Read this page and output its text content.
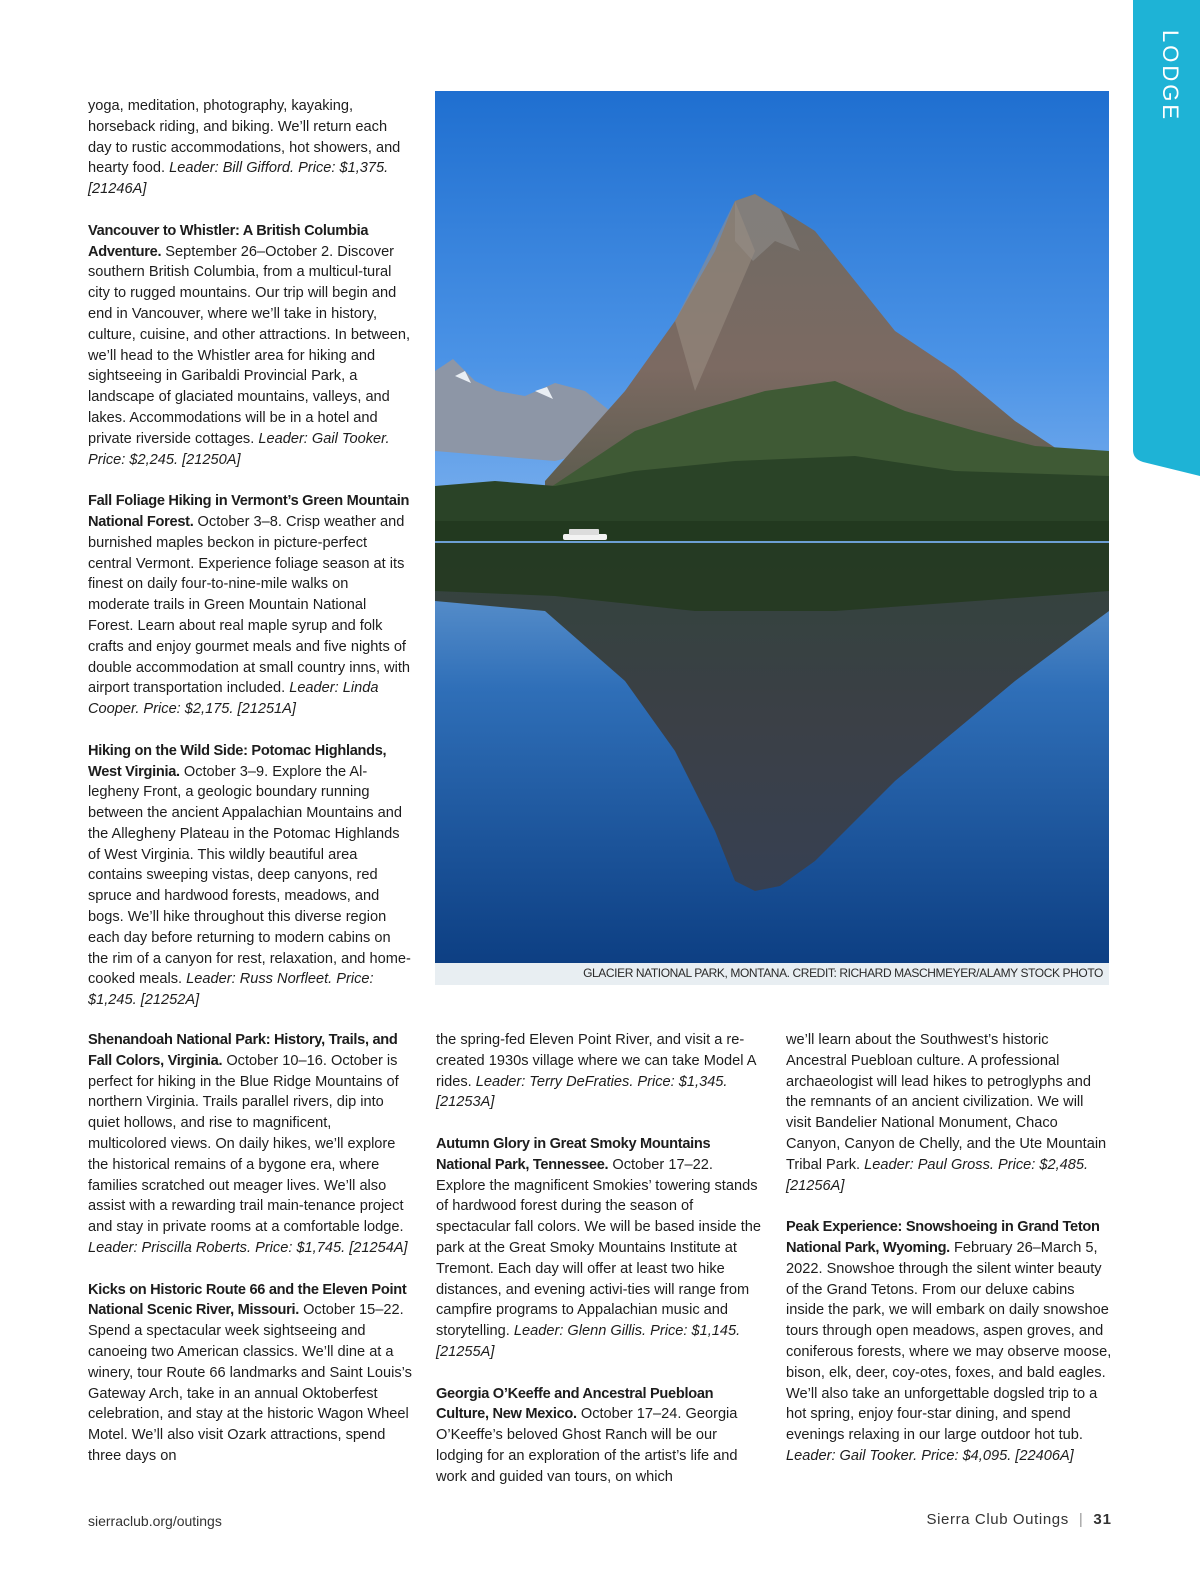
LODGE

yoga, meditation, photography, kayaking, horseback riding, and biking. We’ll return each day to rustic accommodations, hot showers, and hearty food. Leader: Bill Gifford. Price: $1,375. [21246A]

Vancouver to Whistler: A British Columbia Adventure. September 26–October 2. Discover southern British Columbia, from a multicul-tural city to rugged mountains. Our trip will begin and end in Vancouver, where we’ll take in history, culture, cuisine, and other attractions. In between, we’ll head to the Whistler area for hiking and sightseeing in Garibaldi Provincial Park, a landscape of glaciated mountains, valleys, and lakes. Accommodations will be in a hotel and private riverside cottages. Leader: Gail Tooker. Price: $2,245. [21250A]

Fall Foliage Hiking in Vermont’s Green Mountain National Forest. October 3–8. Crisp weather and burnished maples beckon in picture-perfect central Vermont. Experience foliage season at its finest on daily four-to-nine-mile walks on moderate trails in Green Mountain National Forest. Learn about real maple syrup and folk crafts and enjoy gourmet meals and five nights of double accommodation at small country inns, with airport transportation included. Leader: Linda Cooper. Price: $2,175. [21251A]

Hiking on the Wild Side: Potomac Highlands, West Virginia. October 3–9. Explore the Al-legheny Front, a geologic boundary running between the ancient Appalachian Mountains and the Allegheny Plateau in the Potomac Highlands of West Virginia. This wildly beautiful area contains sweeping vistas, deep canyons, red spruce and hardwood forests, meadows, and bogs. We’ll hike throughout this diverse region each day before returning to modern cabins on the rim of a canyon for rest, relaxation, and home-cooked meals. Leader: Russ Norfleet. Price: $1,245. [21252A]

Shenandoah National Park: History, Trails, and Fall Colors, Virginia. October 10–16. October is perfect for hiking in the Blue Ridge Mountains of northern Virginia. Trails parallel rivers, dip into quiet hollows, and rise to magnificent, multicolored views. On daily hikes, we’ll explore the historical remains of a bygone era, where families scratched out meager lives. We’ll also assist with a rewarding trail main-tenance project and stay in private rooms at a comfortable lodge. Leader: Priscilla Roberts. Price: $1,745. [21254A]

Kicks on Historic Route 66 and the Eleven Point National Scenic River, Missouri. October 15–22. Spend a spectacular week sightseeing and canoeing two American classics. We’ll dine at a winery, tour Route 66 landmarks and Saint Louis’s Gateway Arch, take in an annual Oktoberfest celebration, and stay at the historic Wagon Wheel Motel. We’ll also visit Ozark attractions, spend three days on

the spring-fed Eleven Point River, and visit a re-created 1930s village where we can take Model A rides. Leader: Terry DeFraties. Price: $1,345. [21253A]

Autumn Glory in Great Smoky Mountains National Park, Tennessee. October 17–22. Explore the magnificent Smokies’ towering stands of hardwood forest during the season of spectacular fall colors. We will be based inside the park at the Great Smoky Mountains Institute at Tremont. Each day will offer at least two hike distances, and evening activi-ties will range from campfire programs to Appalachian music and storytelling. Leader: Glenn Gillis. Price: $1,145. [21255A]

Georgia O’Keeffe and Ancestral Puebloan Culture, New Mexico. October 17–24. Georgia O’Keeffe’s beloved Ghost Ranch will be our lodging for an exploration of the artist’s life and work and guided van tours, on which

we’ll learn about the Southwest’s historic Ancestral Puebloan culture. A professional archaeologist will lead hikes to petroglyphs and the remnants of an ancient civilization. We will visit Bandelier National Monument, Chaco Canyon, Canyon de Chelly, and the Ute Mountain Tribal Park. Leader: Paul Gross. Price: $2,485. [21256A]

Peak Experience: Snowshoeing in Grand Teton National Park, Wyoming. February 26–March 5, 2022. Snowshoe through the silent winter beauty of the Grand Tetons. From our deluxe cabins inside the park, we will embark on daily snowshoe tours through open meadows, aspen groves, and coniferous forests, where we may observe moose, bison, elk, deer, coy-otes, foxes, and bald eagles. We’ll also take an unforgettable dogsled trip to a hot spring, enjoy four-star dining, and spend evenings relaxing in our large outdoor hot tub. Leader: Gail Tooker. Price: $4,095. [22406A]

GLACIER NATIONAL PARK, MONTANA. CREDIT: RICHARD MASCHMEYER/ALAMY STOCK PHOTO
sierraclub.org/outings	Sierra Club Outings | 31
